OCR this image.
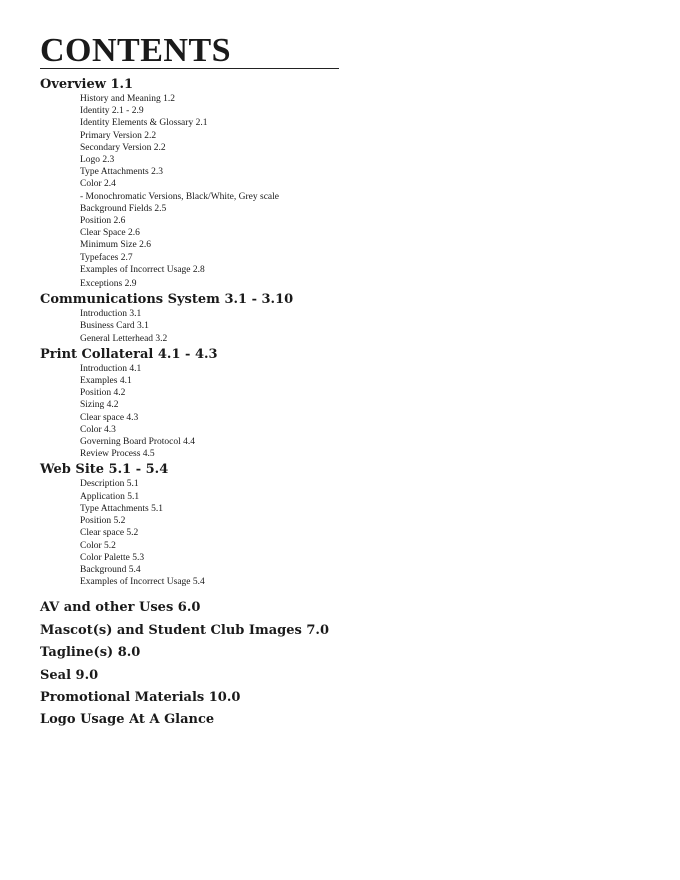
CONTENTS
Overview 1.1
History and Meaning 1.2
Identity 2.1 - 2.9
Identity Elements & Glossary 2.1
Primary Version 2.2
Secondary Version 2.2
Logo 2.3
Type Attachments 2.3
Color 2.4
- Monochromatic Versions, Black/White, Grey scale
Background Fields 2.5
Position 2.6
Clear Space 2.6
Minimum Size 2.6
Typefaces 2.7
Examples of Incorrect Usage 2.8
Exceptions 2.9
Communications System 3.1 - 3.10
Introduction 3.1
Business Card 3.1
General Letterhead 3.2
Print Collateral 4.1 - 4.3
Introduction 4.1
Examples 4.1
Position 4.2
Sizing 4.2
Clear space 4.3
Color 4.3
Governing Board Protocol 4.4
Review Process 4.5
Web Site 5.1 - 5.4
Description 5.1
Application 5.1
Type Attachments 5.1
Position 5.2
Clear space 5.2
Color 5.2
Color Palette 5.3
Background 5.4
Examples of Incorrect Usage 5.4
AV and other Uses 6.0
Mascot(s) and Student Club Images 7.0
Tagline(s) 8.0
Seal 9.0
Promotional Materials 10.0
Logo Usage At A Glance
